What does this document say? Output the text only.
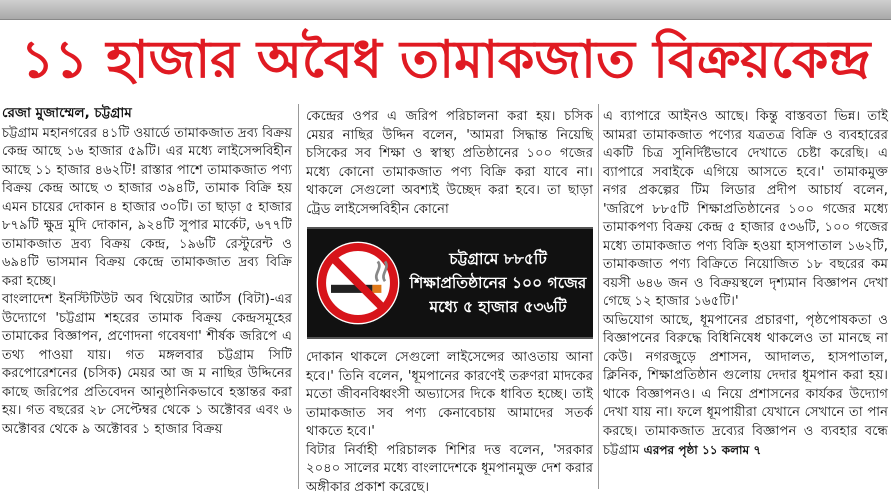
১১ হাজার অবৈধ তামাকজাত বিক্রয়কেন্দ্র
রেজা মুজাম্মেল, চট্টগ্রাম

চট্টগ্রাম মহানগরের ৪১টি ওয়ার্ডে তামাকজাত দ্রব্য বিক্রয় কেন্দ্র আছে ১৬ হাজার ৫৯টি। এর মধ্যে লাইসেন্সবিহীন আছে ১১ হাজার ৪৬২টি! রাস্তার পাশে তামাকজাত পণ্য বিক্রয় কেন্দ্র আছে ৩ হাজার ৩৯৪টি, তামাক বিক্রি হয় এমন চায়ের দোকান ৪ হাজার ৩০টি। তা ছাড়া ৫ হাজার ৮৭৯টি ক্ষুদ্র মুদি দোকান, ৯২৪টি সুপার মার্কেট, ৬৭৭টি তামাকজাত দ্রব্য বিক্রয় কেন্দ্র, ১৯৬টি রেস্টুরেন্ট ও ৬৯৪টি ভাসমান বিক্রয় কেন্দ্রে তামাকজাত দ্রব্য বিক্রি করা হচ্ছে।

বাংলাদেশ ইনস্টিটিউট অব থিয়েটার আর্টস (বিটা)-এর উদ্যোগে 'চট্টগ্রাম শহরের তামাক বিক্রয় কেন্দ্রসমূহের তামাকের বিজ্ঞাপন, প্রণোদনা গবেষণা' শীর্ষক জরিপে এ তথ্য পাওয়া যায়। গত মঙ্গলবার চট্টগ্রাম সিটি করপোরেশনের (চসিক) মেয়র আ জ ম নাছির উদ্দিনের কাছে জরিপের প্রতিবেদন আনুষ্ঠানিকভাবে হস্তান্তর করা হয়। গত বছরের ২৮ সেপ্টেম্বর থেকে ১ অক্টোবর এবং ৬ অক্টোবর থেকে ৯ অক্টোবর ১ হাজার বিক্রয়

কেন্দ্রের ওপর এ জরিপ পরিচালনা করা হয়। চসিক মেয়র নাছির উদ্দিন বলেন, 'আমরা সিদ্ধান্ত নিয়েছি চসিকের সব শিক্ষা ও স্বাস্থ্য প্রতিষ্ঠানের ১০০ গজের মধ্যে কোনো তামাকজাত পণ্য বিক্রি করা যাবে না। থাকলে সেগুলো অবশ্যই উচ্ছেদ করা হবে। তা ছাড়া ট্রেড লাইসেন্সবিহীন কোনো

দোকান থাকলে সেগুলো লাইসেন্সের আওতায় আনা হবে।' তিনি বলেন, 'ধূমপানের কারণেই তরুণরা মাদকের মতো জীবনবিধ্বংসী অভ্যাসের দিকে ধাবিত হচ্ছে। তাই তামাকজাত সব পণ্য কেনাবেচায় আমাদের সতর্ক থাকতে হবে।'

বিটার নির্বাহী পরিচালক শিশির দত্ত বলেন, 'সরকার ২০৪০ সালের মধ্যে বাংলাদেশকে ধূমপানমুক্ত দেশ করার অঙ্গীকার প্রকাশ করেছে।

চট্টগ্রামে ৮৮৫টি
শিক্ষাপ্রতিষ্ঠানের ১০০ গজের
মধ্যে ৫ হাজার ৫৩৬টি

এ ব্যাপারে আইনও আছে। কিন্তু বাস্তবতা ভিন্ন। তাই আমরা তামাকজাত পণ্যের যত্রতত্র বিক্রি ও ব্যবহারের একটি চিত্র সুনির্দিষ্টভাবে দেখাতে চেষ্টা করেছি। এ ব্যাপারে সবাইকে এগিয়ে আসতে হবে।' তামাকমুক্ত নগর প্রকল্পের টিম লিডার প্রদীপ আচার্য বলেন, 'জরিপে ৮৮৫টি শিক্ষাপ্রতিষ্ঠানের ১০০ গজের মধ্যে তামাকপণ্য বিক্রয় কেন্দ্র ৫ হাজার ৫৩৬টি, ১০০ গজের মধ্যে তামাকজাত পণ্য বিক্রি হওয়া হাসপাতাল ১৬২টি, তামাকজাত পণ্য বিক্রিতে নিয়োজিত ১৮ বছরের কম বয়সী ৬৪৬ জন ও বিক্রয়স্থলে দৃশ্যমান বিজ্ঞাপন দেখা গেছে ১২ হাজার ১৬৫টি।'

অভিযোগ আছে, ধূমপানের প্রচারণা, পৃষ্ঠপোষকতা ও বিজ্ঞাপনের বিরুদ্ধে বিধিনিষেধ থাকলেও তা মানছে না কেউ। নগরজুড়ে প্রশাসন, আদালত, হাসপাতাল, ক্লিনিক, শিক্ষাপ্রতিষ্ঠান গুলোয় দেদার ধূমপান করা হয়। থাকে বিজ্ঞাপনও। এ নিয়ে প্রশাসনের কার্যকর উদ্যোগ দেখা যায় না। ফলে ধূমপায়ীরা যেখানে সেখানে তা পান করছে। তামাকজাত দ্রব্যের বিজ্ঞাপন ও ব্যবহার বন্ধে চট্টগ্রাম এরপর পৃষ্ঠা ১১ কলাম ৭
